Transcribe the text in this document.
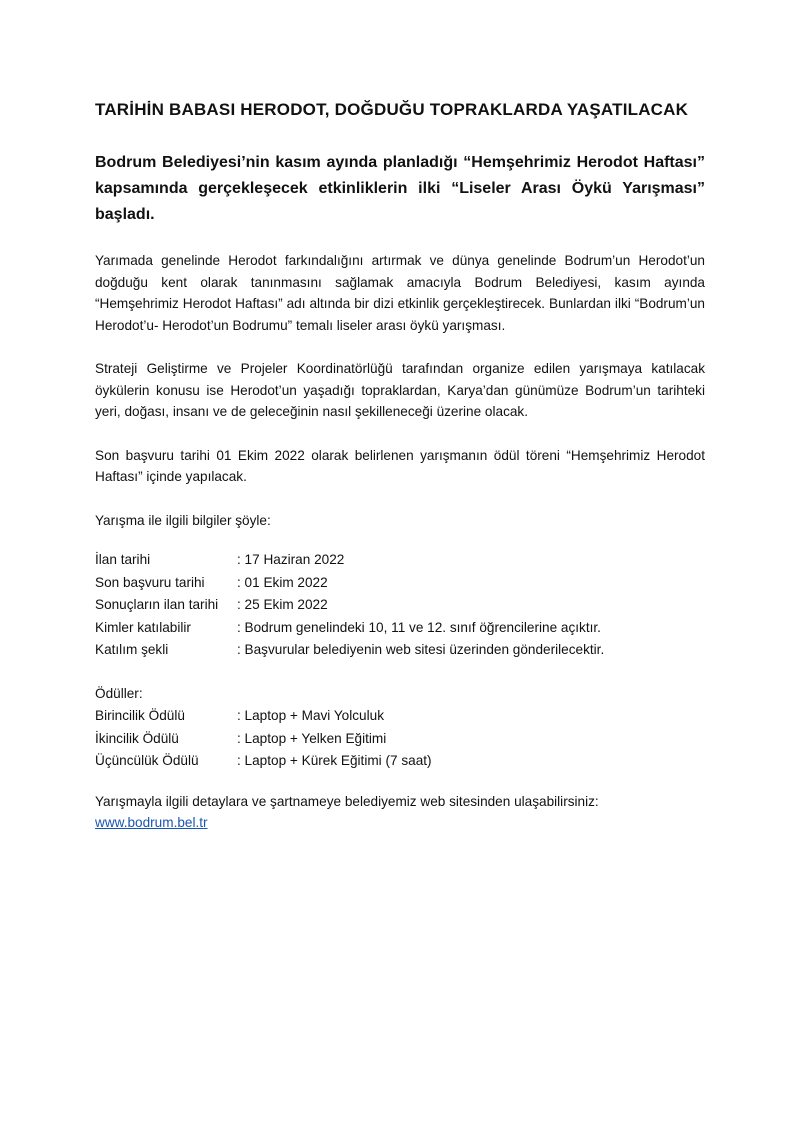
TARİHİN BABASI HERODOT, DOĞDUĞU TOPRAKLARDA YAŞATILACAK

Bodrum Belediyesi’nin kasım ayında planladığı “Hemşehrimiz Herodot Haftası” kapsamında gerçekleşecek etkinliklerin ilki “Liseler Arası Öykü Yarışması” başladı.

Yarımada genelinde Herodot farkındalığını artırmak ve dünya genelinde Bodrum’un Herodot’un doğduğu kent olarak tanınmasını sağlamak amacıyla Bodrum Belediyesi, kasım ayında “Hemşehrimiz Herodot Haftası” adı altında bir dizi etkinlik gerçekleştirecek. Bunlardan ilki “Bodrum’un Herodot’u- Herodot’un Bodrumu” temalı liseler arası öykü yarışması.

Strateji Geliştirme ve Projeler Koordinatörlüğü tarafından organize edilen yarışmaya katılacak öykülerin konusu ise Herodot’un yaşadığı topraklardan, Karya’dan günümüze Bodrum’un tarihteki yeri, doğası, insanı ve de geleceğinin nasıl şekilleneceği üzerine olacak.

Son başvuru tarihi 01 Ekim 2022 olarak belirlenen yarışmanın ödül töreni “Hemşehrimiz Herodot Haftası” içinde yapılacak.

Yarışma ile ilgili bilgiler şöyle:

İlan tarihi	: 17 Haziran 2022
Son başvuru tarihi	: 01 Ekim 2022
Sonuçların ilan tarihi	: 25 Ekim 2022
Kimler katılabilir	: Bodrum genelindeki 10, 11 ve 12. sınıf öğrencilerine açıktır.
Katılım şekli	: Başvurular belediyenin web sitesi üzerinden gönderilecektir.
Ödüller:
Birincilik Ödülü	: Laptop + Mavi Yolculuk
İkincilik Ödülü	: Laptop + Yelken Eğitimi
Üçüncülük Ödülü	: Laptop + Kürek Eğitimi (7 saat)

Yarışmayla ilgili detaylara ve şartnameye belediyemiz web sitesinden ulaşabilirsiniz:
www.bodrum.bel.tr
